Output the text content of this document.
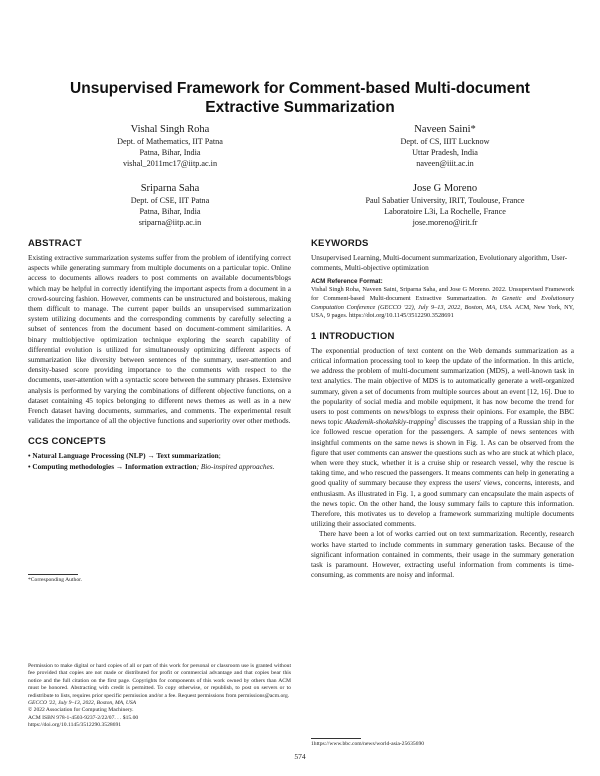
Unsupervised Framework for Comment-based Multi-document Extractive Summarization
Vishal Singh Roha
Dept. of Mathematics, IIT Patna
Patna, Bihar, India
vishal_2011mc17@iitp.ac.in
Naveen Saini*
Dept. of CS, IIIT Lucknow
Uttar Pradesh, India
naveen@iiit.ac.in
Sriparna Saha
Dept. of CSE, IIT Patna
Patna, Bihar, India
sriparna@iitp.ac.in
Jose G Moreno
Paul Sabatier University, IRIT, Toulouse, France
Laboratoire L3i, La Rochelle, France
jose.moreno@irit.fr
ABSTRACT

Existing extractive summarization systems suffer from the problem of identifying correct aspects while generating summary from multiple documents on a particular topic. Online access to documents allows readers to post comments on available documents/blogs which may be helpful in correctly identifying the important aspects from a document in a crowd-sourcing fashion. However, comments can be unstructured and boisterous, making them difficult to manage. The current paper builds an unsupervised summarization system utilizing documents and the corresponding comments by carefully selecting a subset of sentences from the document based on document-comment similarities. A binary multiobjective optimization technique exploring the search capability of differential evolution is utilized for simultaneously optimizing different aspects of summarization like diversity between sentences of the summary, user-attention and density-based score providing importance to the comments with respect to the documents, user-attention with a syntactic score between the summary phrases. Extensive analysis is performed by varying the combinations of different objective functions, on a dataset containing 45 topics belonging to different news themes as well as in a new French dataset having documents, summaries, and comments. The experimental result validates the importance of all the objective functions and superiority over other methods.

CCS CONCEPTS
• Natural Language Processing (NLP) → Text summarization;
• Computing methodologies → Information extraction; Bio-inspired approaches.
*Corresponding Author.
Permission to make digital or hard copies of all or part of this work for personal or classroom use is granted without fee provided that copies are not made or distributed for profit or commercial advantage and that copies bear this notice and the full citation on the first page. Copyrights for components of this work owned by others than ACM must be honored. Abstracting with credit is permitted. To copy otherwise, or republish, to post on servers or to redistribute to lists, requires prior specific permission and/or a fee. Request permissions from permissions@acm.org.
GECCO '22, July 9–13, 2022, Boston, MA, USA
© 2022 Association for Computing Machinery.
ACM ISBN 978-1-4503-9237-2/22/07. . . $15.00
https://doi.org/10.1145/3512290.3528691
KEYWORDS

Unsupervised Learning, Multi-document summarization, Evolutionary algorithm, User-comments, Multi-objective optimization

ACM Reference Format:

Vishal Singh Roha, Naveen Saini, Sriparna Saha, and Jose G Moreno. 2022. Unsupervised Framework for Comment-based Multi-document Extractive Summarization. In Genetic and Evolutionary Computation Conference (GECCO '22), July 9–13, 2022, Boston, MA, USA. ACM, New York, NY, USA, 9 pages. https://doi.org/10.1145/3512290.3528691

1 INTRODUCTION

The exponential production of text content on the Web demands summarization as a critical information processing tool to keep the update of the information. In this article, we address the problem of multi-document summarization (MDS), a well-known task in text analytics. The main objective of MDS is to automatically generate a well-organized summary, given a set of documents from multiple sources about an event [12, 16]. Due to the popularity of social media and mobile equipment, it has now become the trend for users to post comments on news/blogs to express their opinions. For example, the BBC news topic Akademik-shokalskiy-trapping$^1$ discusses the trapping of a Russian ship in the ice followed rescue operation for the passengers. A sample of news sentences with insightful comments on the same news is shown in Fig. 1. As can be observed from the figure that user comments can answer the questions such as who are stuck at which place, when were they stuck, whether it is a cruise ship or research vessel, why the rescue is taking time, and who rescued the passengers. It means comments can help in generating a good quality of summary because they express the users' views, concerns, interests, and enthusiasm. As illustrated in Fig. 1, a good summary can encapsulate the main aspects of the news topic. On the other hand, the lousy summary fails to capture this information. Therefore, this motivates us to develop a framework summarizing multiple documents utilizing their associated comments.

There have been a lot of works carried out on text summarization. Recently, research works have started to include comments in summary generation tasks. Because of the significant information contained in comments, their usage in the summary generation task is paramount. However, extracting useful information from comments is time-consuming, as comments are noisy and informal.

1https://www.bbc.com/news/world-asia-25635690
574
